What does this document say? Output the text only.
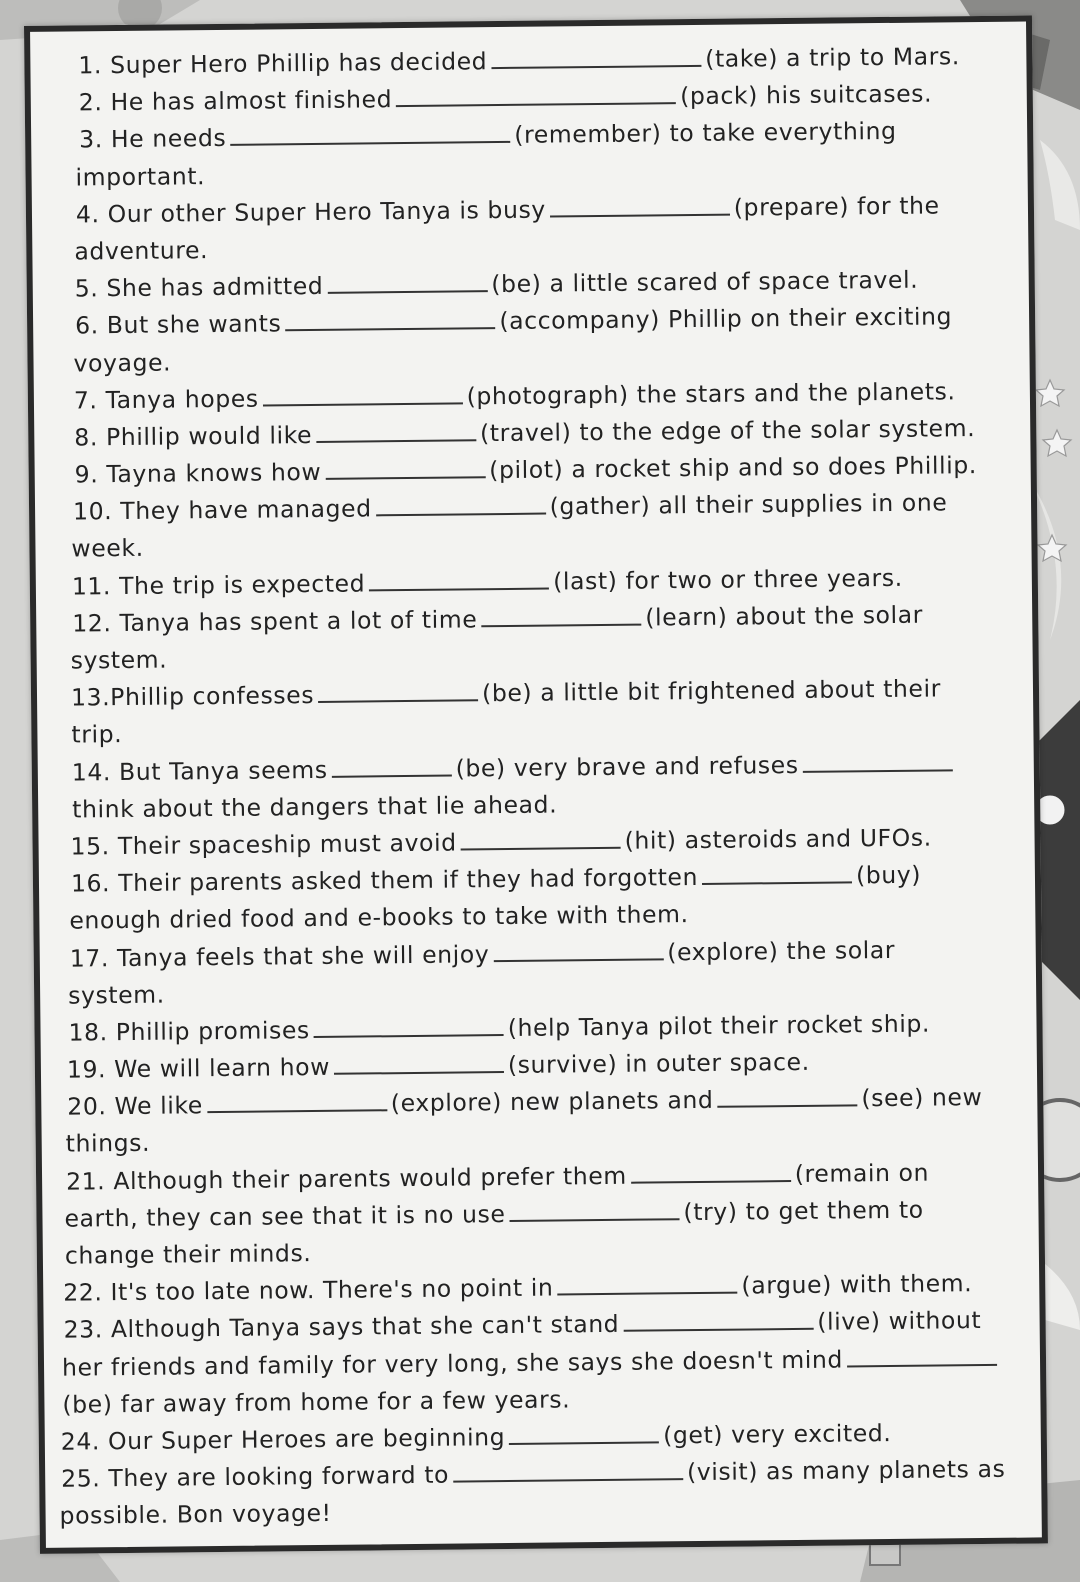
1. Super Hero Phillip has decided	(take) a trip to Mars.
2. He has almost finished	(pack) his suitcases.
3. He needs	(remember) to take everything
important.
4. Our other Super Hero Tanya is busy	(prepare) for the
adventure.
5. She has admitted	(be) a little scared of space travel.
6. But she wants	(accompany) Phillip on their exciting
voyage.
7. Tanya hopes	(photograph) the stars and the planets.
8. Phillip would like	(travel) to the edge of the solar system.
9. Tayna knows how	(pilot) a rocket ship and so does Phillip.
10. They have managed	(gather) all their supplies in one
week.
11. The trip is expected	(last) for two or three years.
12. Tanya has spent a lot of time	(learn) about the solar
system.
13.Phillip confesses	(be) a little bit frightened about their
trip.
14. But Tanya seems	(be) very brave and refuses
think about the dangers that lie ahead.
15. Their spaceship must avoid	(hit) asteroids and UFOs.
16. Their parents asked them if they had forgotten	(buy)
enough dried food and e-books to take with them.
17. Tanya feels that she will enjoy	(explore) the solar
system.
18. Phillip promises	(help Tanya pilot their rocket ship.
19. We will learn how	(survive) in outer space.
20. We like	(explore) new planets and	(see) new
things.
21. Although their parents would prefer them	(remain on
earth, they can see that it is no use	(try) to get them to
change their minds.
22. It's too late now. There's no point in	(argue) with them.
23. Although Tanya says that she can't stand	(live) without
her friends and family for very long, she says she doesn't mind
(be) far away from home for a few years.
24. Our Super Heroes are beginning	(get) very excited.
25. They are looking forward to	(visit) as many planets as
possible. Bon voyage!
